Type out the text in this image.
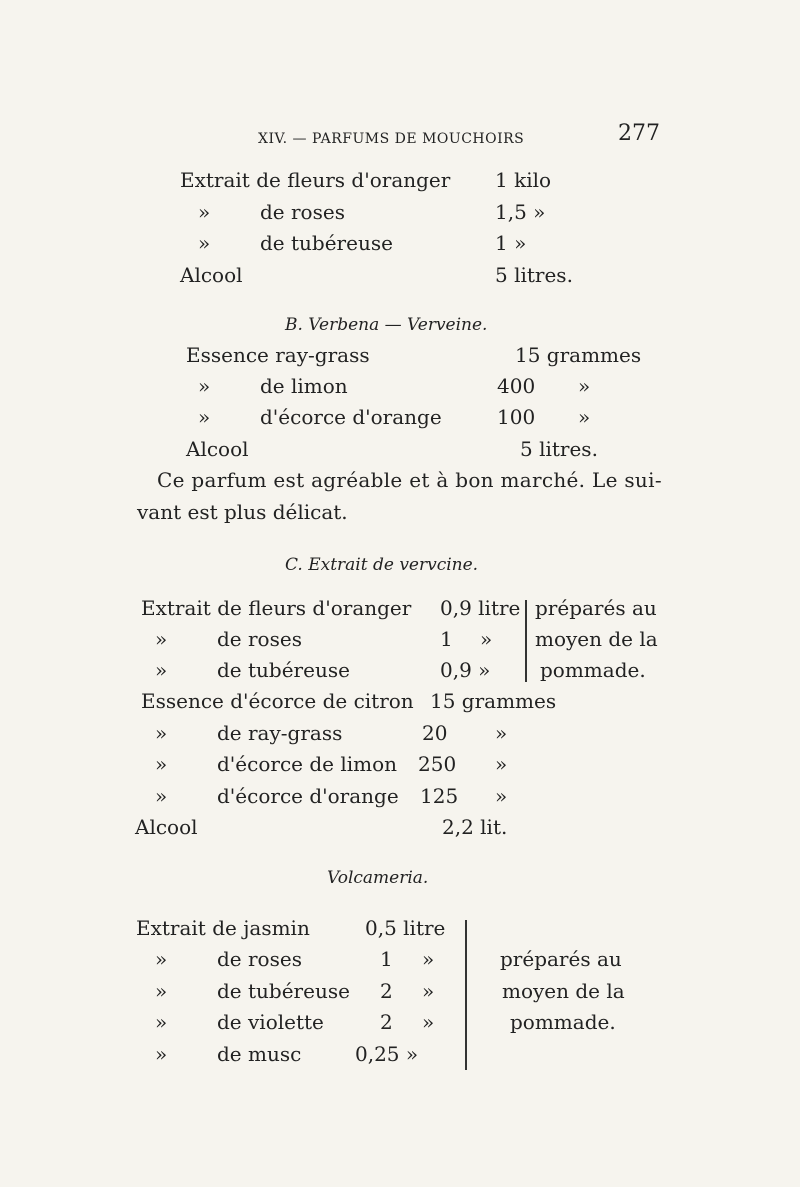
XIV. — PARFUMS DE MOUCHOIRS	277
Extrait de fleurs d'oranger 1 kilo
» de roses	1,5 »
» de tubéreuse	1 »
Alcool	5 litres.
B. Verbena — Verveine.
Essence ray-grass	15 grammes
» de limon	400 »
» d'écorce d'orange	100 »
Alcool	5 litres.
Ce parfum est agréable et à bon marché. Le sui-
vant est plus délicat.
C. Extrait de vervcine.
Extrait de fleurs d'oranger 0,9 litre
» de roses	1 »
» de tubéreuse	0,9 »
préparés au
moyen de la
pommade.
Essence d'écorce de citron 15 grammes
» de ray-grass	20 »
» d'écorce de limon 250 »
» d'écorce d'orange 125 »
Alcool	2,2 lit.
Volcameria.
Extrait de jasmin	0,5 litre
» de roses	1 »
» de tubéreuse 2 »
» de violette	2 »
» de musc	0,25 »
préparés au
moyen de la
pommade.
